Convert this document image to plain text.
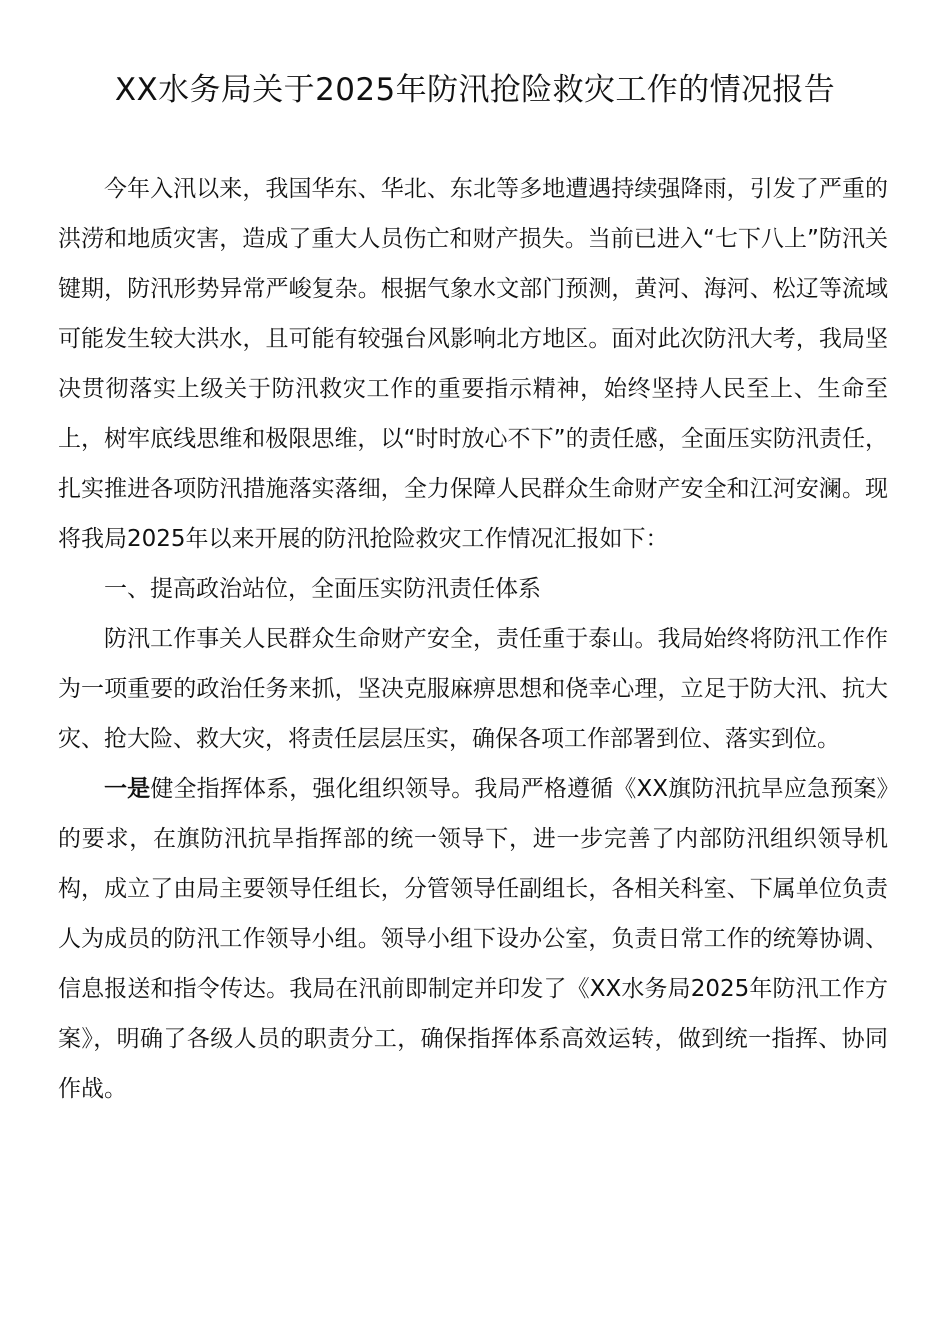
XX水务局关于2025年防汛抢险救灾工作的情况报告

今年入汛以来，我国华东、华北、东北等多地遭遇持续强降雨，引发了严重的洪涝和地质灾害，造成了重大人员伤亡和财产损失。当前已进入“七下八上”防汛关键期，防汛形势异常严峻复杂。根据气象水文部门预测，黄河、海河、松辽等流域可能发生较大洪水，且可能有较强台风影响北方地区。面对此次防汛大考，我局坚决贯彻落实上级关于防汛救灾工作的重要指示精神，始终坚持人民至上、生命至上，树牢底线思维和极限思维，以“时时放心不下”的责任感，全面压实防汛责任，扎实推进各项防汛措施落实落细，全力保障人民群众生命财产安全和江河安澜。现将我局2025年以来开展的防汛抢险救灾工作情况汇报如下：

一、提高政治站位，全面压实防汛责任体系

防汛工作事关人民群众生命财产安全，责任重于泰山。我局始终将防汛工作作为一项重要的政治任务来抓，坚决克服麻痹思想和侥幸心理，立足于防大汛、抗大灾、抢大险、救大灾，将责任层层压实，确保各项工作部署到位、落实到位。

一是健全指挥体系，强化组织领导。我局严格遵循《XX旗防汛抗旱应急预案》的要求，在旗防汛抗旱指挥部的统一领导下，进一步完善了内部防汛组织领导机构，成立了由局主要领导任组长，分管领导任副组长，各相关科室、下属单位负责人为成员的防汛工作领导小组。领导小组下设办公室，负责日常工作的统筹协调、信息报送和指令传达。我局在汛前即制定并印发了《XX水务局2025年防汛工作方案》，明确了各级人员的职责分工，确保指挥体系高效运转，做到统一指挥、协同作战。
